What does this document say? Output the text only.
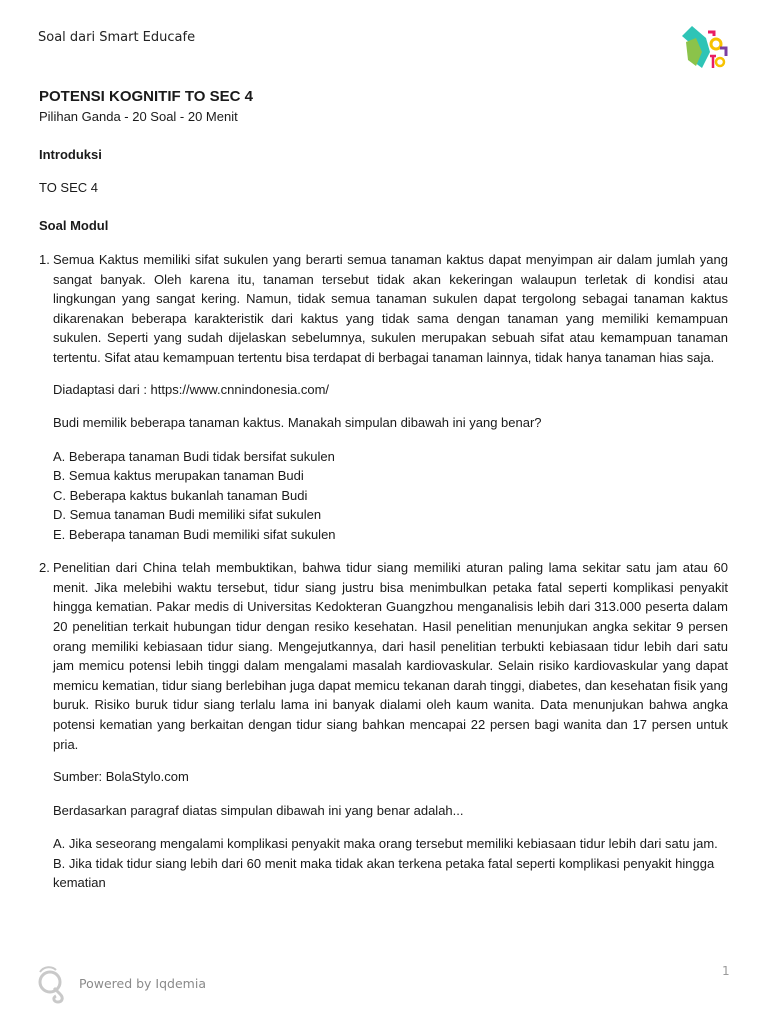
Soal dari Smart Educafe

POTENSI KOGNITIF TO SEC 4

Pilihan Ganda - 20 Soal - 20 Menit

Introduksi

TO SEC 4

Soal Modul

1. Semua Kaktus memiliki sifat sukulen yang berarti semua tanaman kaktus dapat menyimpan air dalam jumlah yang sangat banyak. Oleh karena itu, tanaman tersebut tidak akan kekeringan walaupun terletak di kondisi atau lingkungan yang sangat kering. Namun, tidak semua tanaman sukulen dapat tergolong sebagai tanaman kaktus dikarenakan beberapa karakteristik dari kaktus yang tidak sama dengan tanaman yang memiliki kemampuan sukulen. Seperti yang sudah dijelaskan sebelumnya, sukulen merupakan sebuah sifat atau kemampuan tanaman tertentu. Sifat atau kemampuan tertentu bisa terdapat di berbagai tanaman lainnya, tidak hanya tanaman hias saja.

Diadaptasi dari : https://www.cnnindonesia.com/

Budi memilik beberapa tanaman kaktus. Manakah simpulan dibawah ini yang benar?

A. Beberapa tanaman Budi tidak bersifat sukulen

B. Semua kaktus merupakan tanaman Budi

C. Beberapa kaktus bukanlah tanaman Budi

D. Semua tanaman Budi memiliki sifat sukulen

E. Beberapa tanaman Budi memiliki sifat sukulen

2. Penelitian dari China telah membuktikan, bahwa tidur siang memiliki aturan paling lama sekitar satu jam atau 60 menit. Jika melebihi waktu tersebut, tidur siang justru bisa menimbulkan petaka fatal seperti komplikasi penyakit hingga kematian. Pakar medis di Universitas Kedokteran Guangzhou menganalisis lebih dari 313.000 peserta dalam 20 penelitian terkait hubungan tidur dengan resiko kesehatan. Hasil penelitian menunjukan angka sekitar 9 persen orang memiliki kebiasaan tidur siang. Mengejutkannya, dari hasil penelitian terbukti kebiasaan tidur lebih dari satu jam memicu potensi lebih tinggi dalam mengalami masalah kardiovaskular. Selain risiko kardiovaskular yang dapat memicu kematian, tidur siang berlebihan juga dapat memicu tekanan darah tinggi, diabetes, dan kesehatan fisik yang buruk. Risiko buruk tidur siang terlalu lama ini banyak dialami oleh kaum wanita. Data menunjukan bahwa angka potensi kematian yang berkaitan dengan tidur siang bahkan mencapai 22 persen bagi wanita dan 17 persen untuk pria.

Sumber: BolaStylo.com

Berdasarkan paragraf diatas simpulan dibawah ini yang benar adalah...

A. Jika seseorang mengalami komplikasi penyakit maka orang tersebut memiliki kebiasaan tidur lebih dari satu jam.

B. Jika tidak tidur siang lebih dari 60 menit maka tidak akan terkena petaka fatal seperti komplikasi penyakit hingga kematian

Powered by Iqdemia
1
